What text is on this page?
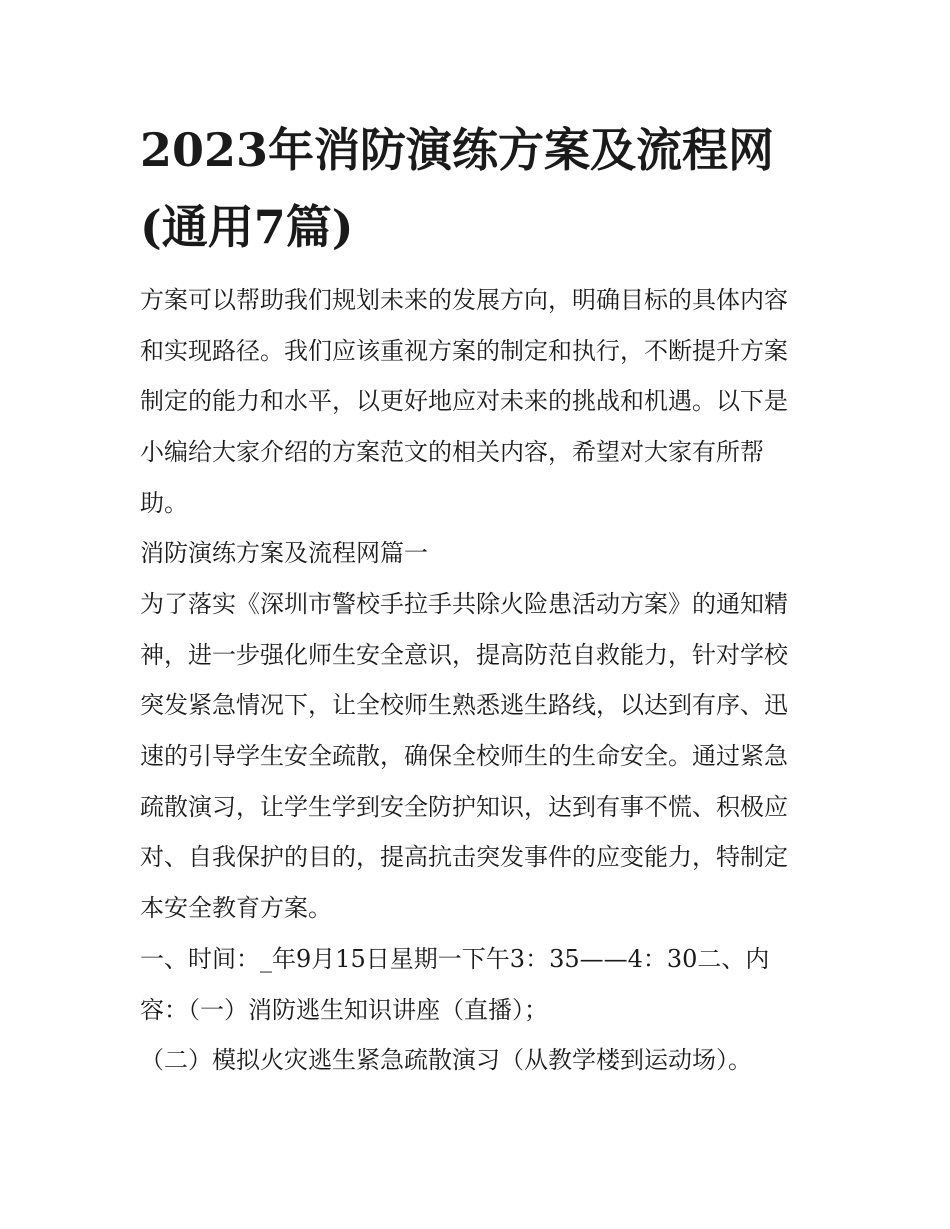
2023年消防演练方案及流程网
(通用7篇)

方案可以帮助我们规划未来的发展方向，明确目标的具体内容

和实现路径。我们应该重视方案的制定和执行，不断提升方案

制定的能力和水平，以更好地应对未来的挑战和机遇。以下是

小编给大家介绍的方案范文的相关内容，希望对大家有所帮

助。

消防演练方案及流程网篇一

为了落实《深圳市警校手拉手共除火险患活动方案》的通知精

神，进一步强化师生安全意识，提高防范自救能力，针对学校

突发紧急情况下，让全校师生熟悉逃生路线，以达到有序、迅

速的引导学生安全疏散，确保全校师生的生命安全。通过紧急

疏散演习，让学生学到安全防护知识，达到有事不慌、积极应

对、自我保护的目的，提高抗击突发事件的应变能力，特制定

本安全教育方案。

一、时间：_年9月15日星期一下午3：35——4：30二、内

容：（一）消防逃生知识讲座（直播）；

（二）模拟火灾逃生紧急疏散演习（从教学楼到运动场）。
